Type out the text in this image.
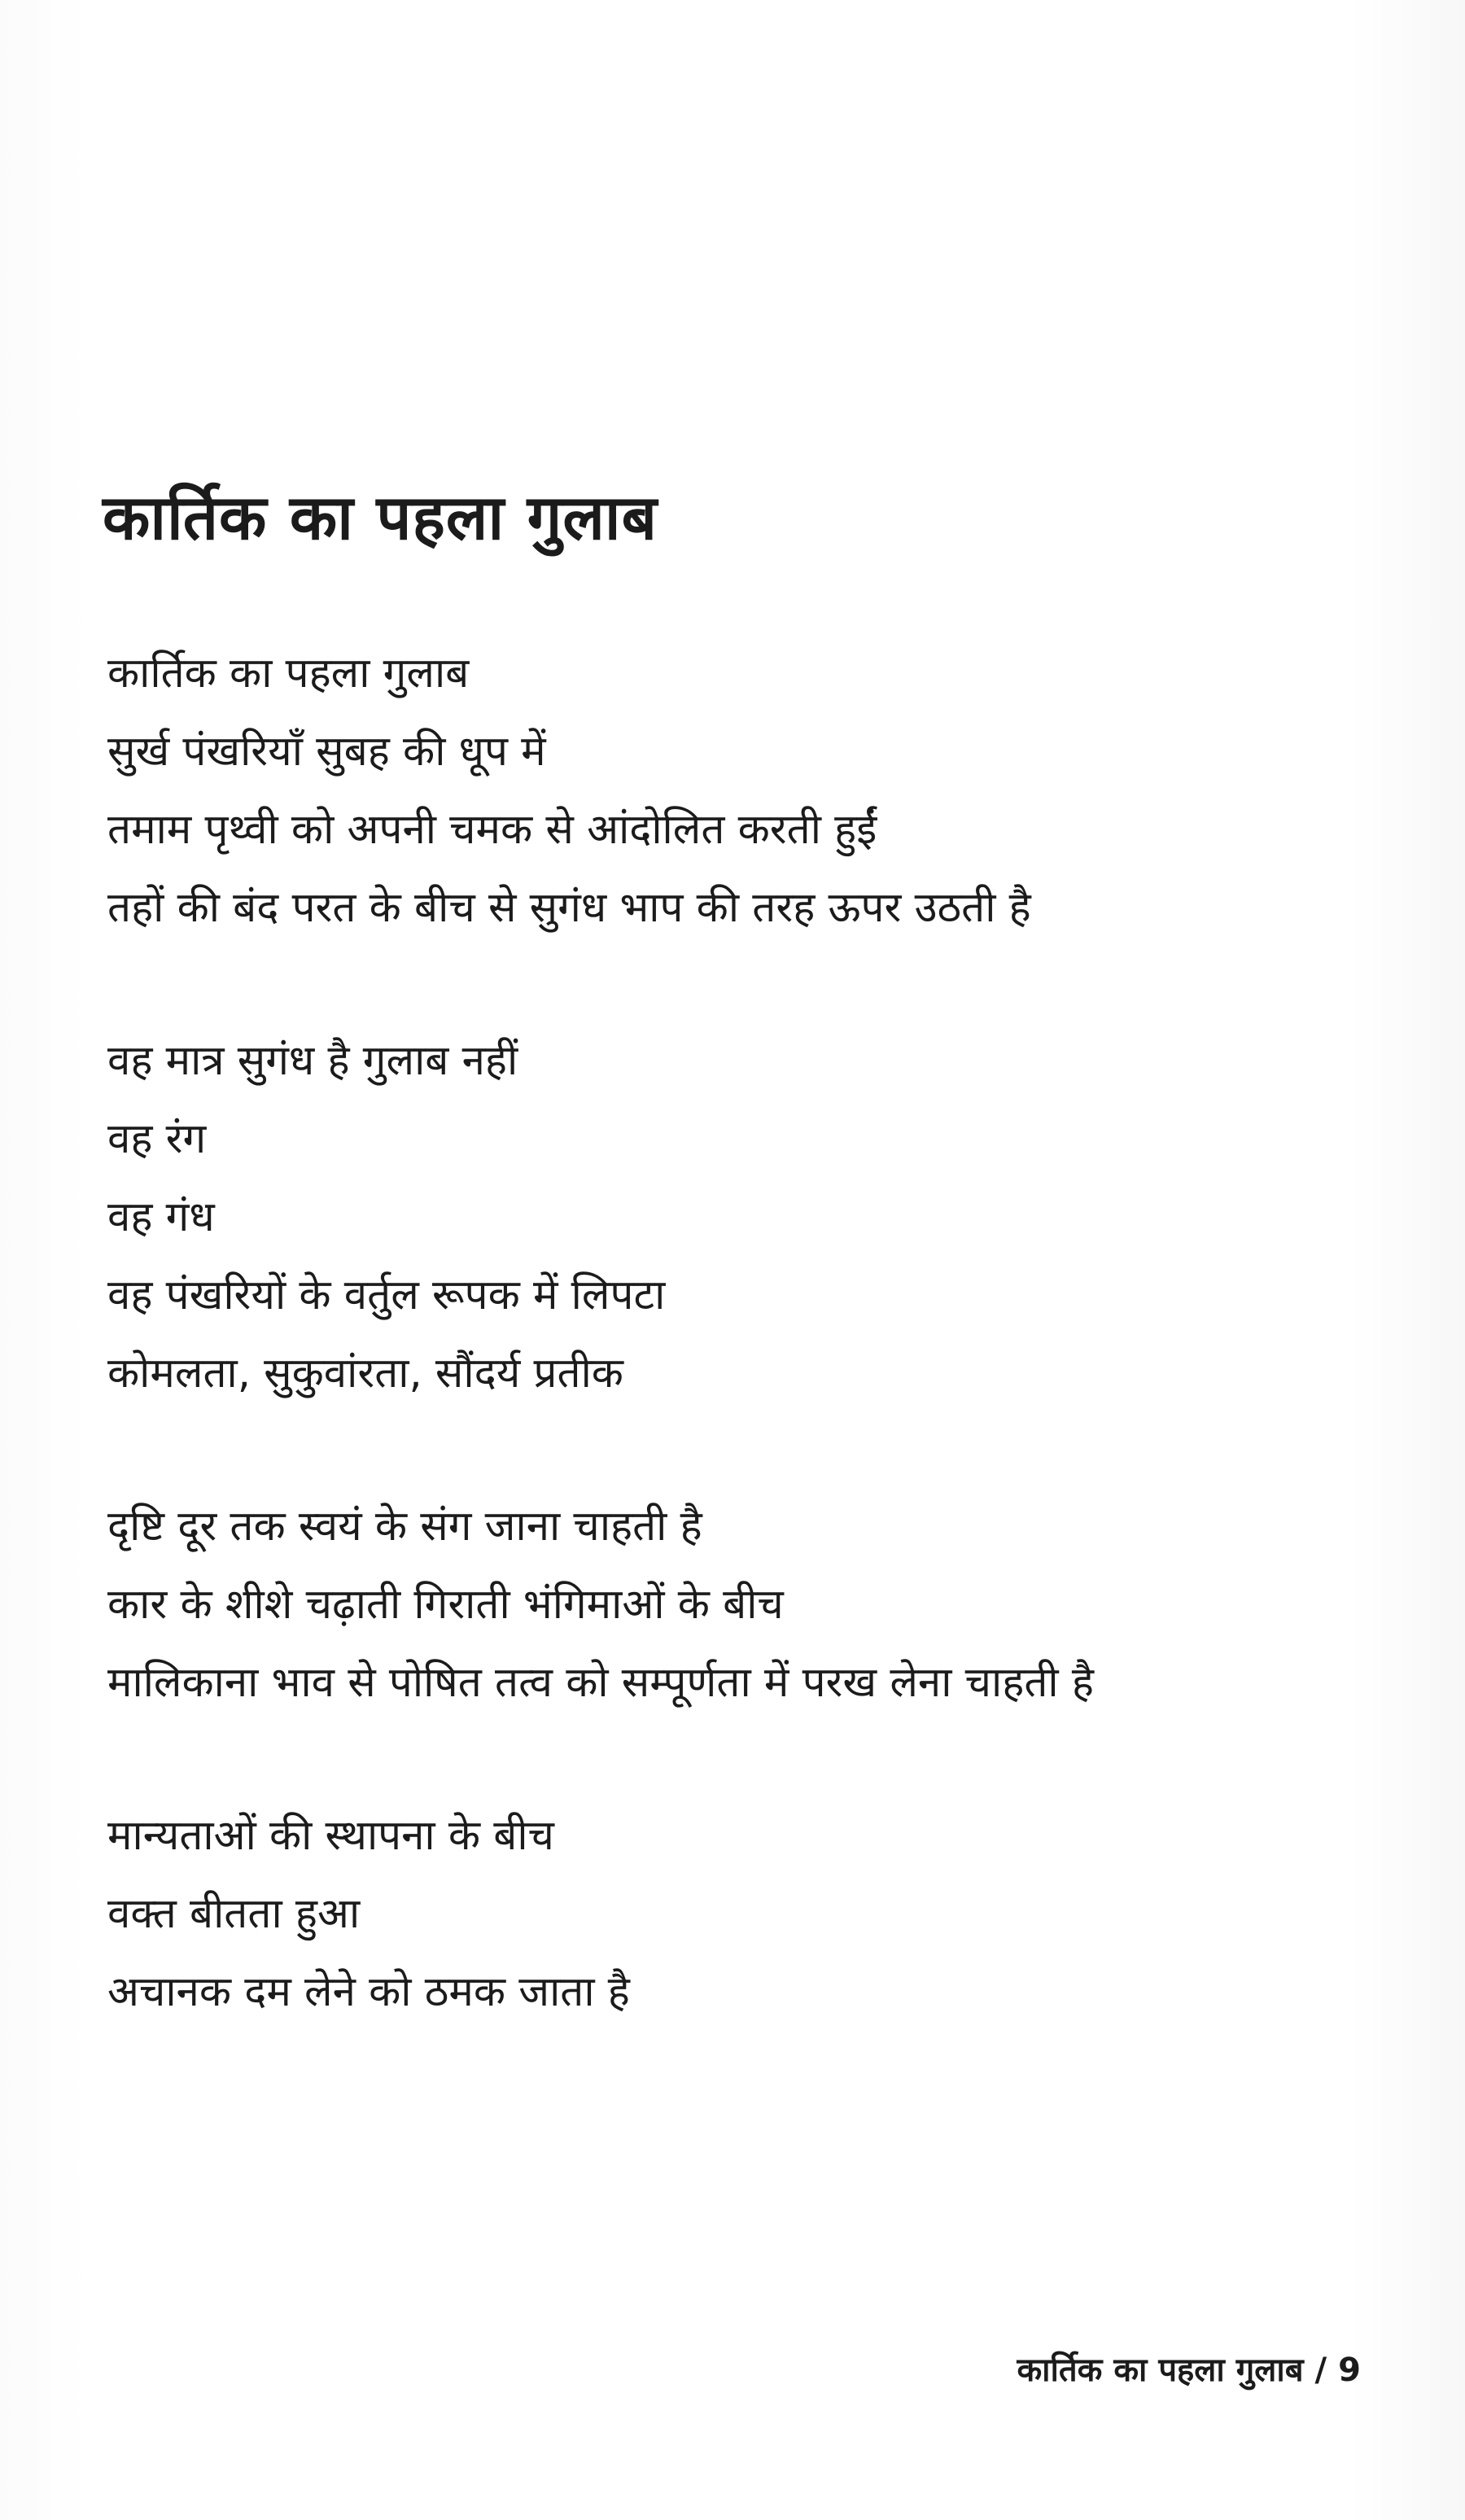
कार्तिक का पहला गुलाब
कार्तिक का पहला गुलाब
सुर्ख पंखरियाँ सुबह की धूप में
तमाम पृथ्वी को अपनी चमक से आंदोलित करती हुईं
तहों की बंद परत के बीच से सुगंध भाप की तरह ऊपर उठती है
वह मात्र सुगंध है गुलाब नहीं
वह रंग
वह गंध
वह पंखरियों के वर्तुल रूपक में लिपटा
कोमलता, सुकुवांरता, सौंदर्य प्रतीक
दृष्टि दूर तक स्वयं के संग जाना चाहती है
कार के शीशे चढ़ाती गिराती भंगिमाओं के बीच
मालिकाना भाव से पोषित तत्व को सम्पूर्णता में परख लेना चाहती है
मान्यताओं की स्थापना के बीच
वक्त बीतता हुआ
अचानक दम लेने को ठमक जाता है
कार्तिक का पहला गुलाब / 9
